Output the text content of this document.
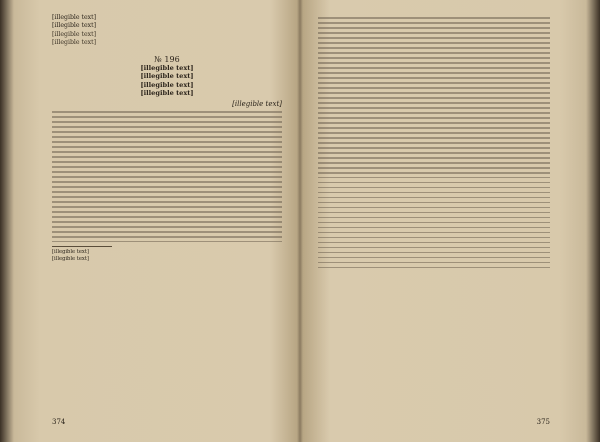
[illegible text]
[illegible text]
[illegible text]
[illegible text]
№ 196
[illegible text]
[illegible text]
[illegible text]
[illegible text]
[illegible text]
[illegible text]
[illegible text]
374	375
